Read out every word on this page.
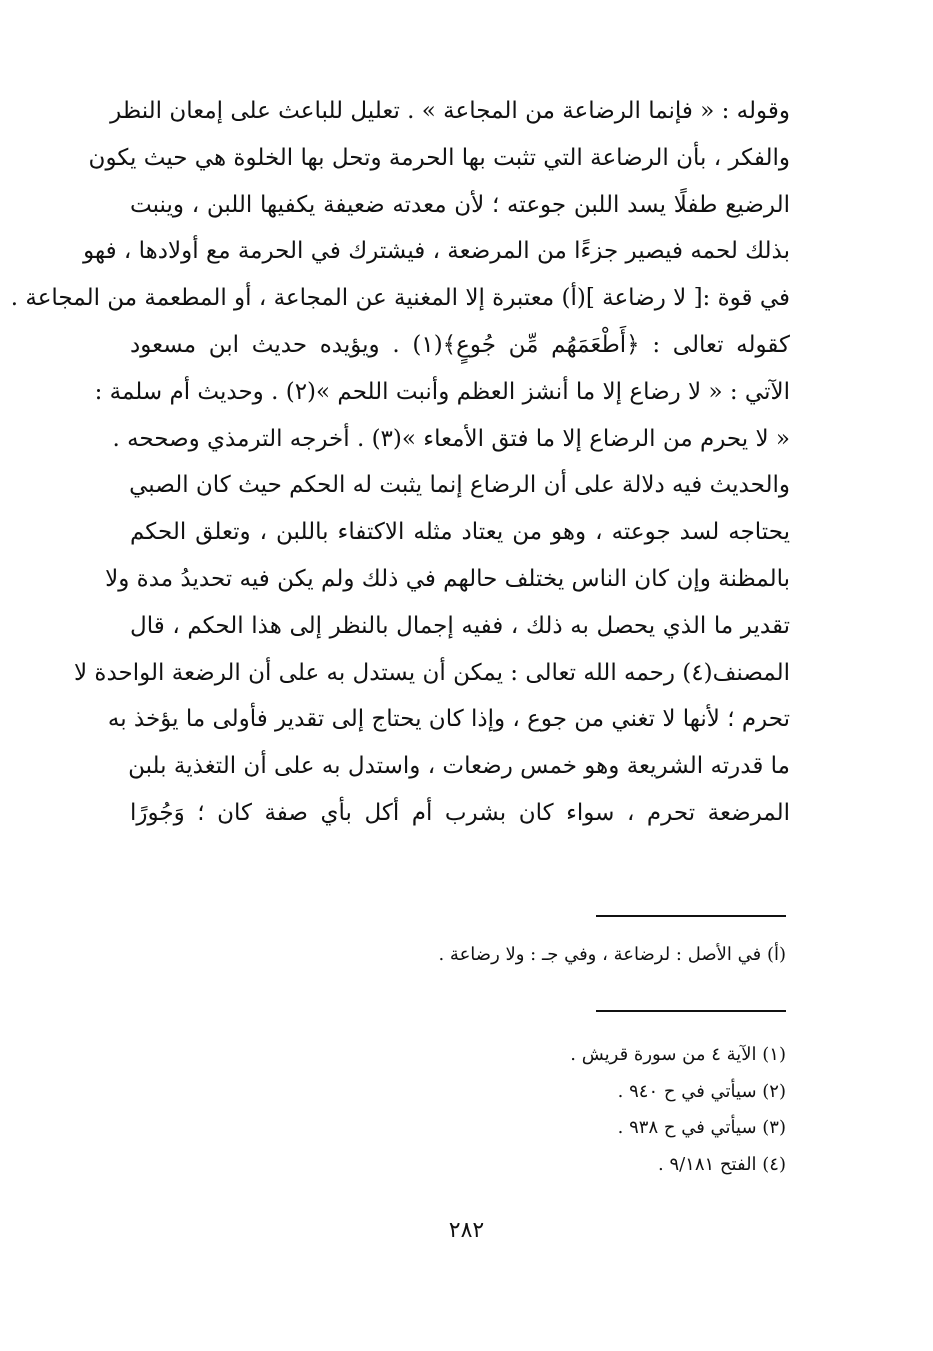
وقوله : « فإنما الرضاعة من المجاعة » . تعليل للباعث على إمعان النظر
والفكر ، بأن الرضاعة التي تثبت بها الحرمة وتحل بها الخلوة هي حيث يكون
الرضيع طفلًا يسد اللبن جوعته ؛ لأن معدته ضعيفة يكفيها اللبن ، وينبت
بذلك لحمه فيصير جزءًا من المرضعة ، فيشترك في الحرمة مع أولادها ، فهو
في قوة :[ لا رضاعة ](أ) معتبرة إلا المغنية عن المجاعة ، أو المطعمة من المجاعة .
كقوله تعالى : ﴿أَطْعَمَهُم مِّن جُوعٍ﴾(١) . ويؤيده حديث ابن مسعود
الآتي : « لا رضاع إلا ما أنشز العظم وأنبت اللحم »(٢) . وحديث أم سلمة :
« لا يحرم من الرضاع إلا ما فتق الأمعاء »(٣) . أخرجه الترمذي وصححه .
والحديث فيه دلالة على أن الرضاع إنما يثبت له الحكم حيث كان الصبي
يحتاجه لسد جوعته ، وهو من يعتاد مثله الاكتفاء باللبن ، وتعلق الحكم
بالمظنة وإن كان الناس يختلف حالهم في ذلك ولم يكن فيه تحديدُ مدة ولا
تقدير ما الذي يحصل به ذلك ، ففيه إجمال بالنظر إلى هذا الحكم ، قال
المصنف(٤) رحمه الله تعالى : يمكن أن يستدل به على أن الرضعة الواحدة لا
تحرم ؛ لأنها لا تغني من جوع ، وإذا كان يحتاج إلى تقدير فأولى ما يؤخذ به
ما قدرته الشريعة وهو خمس رضعات ، واستدل به على أن التغذية بلبن
المرضعة تحرم ، سواء كان بشرب أم أكل بأي صفة كان ؛ وَجُورًا
(أ) في الأصل : لرضاعة ، وفي جـ : ولا رضاعة .
(١) الآية ٤ من سورة قريش .
(٢) سيأتي في ح ٩٤٠ .
(٣) سيأتي في ح ٩٣٨ .
(٤) الفتح ٩/١٨١ .
٢٨٢
